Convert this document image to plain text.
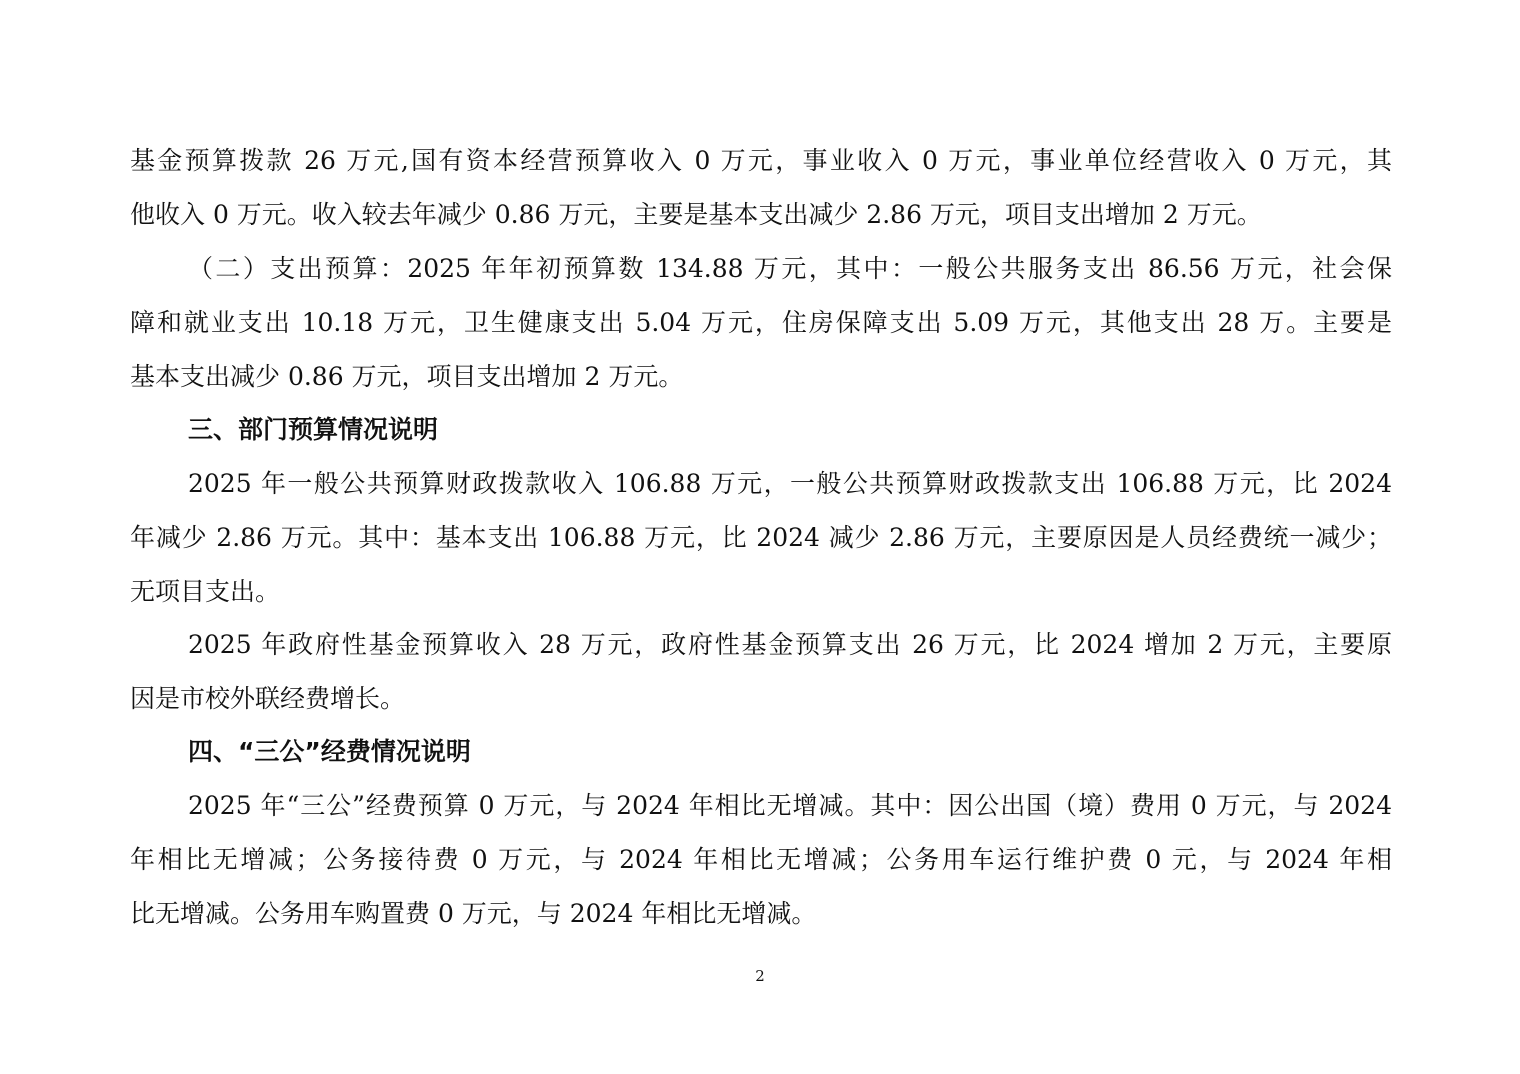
基金预算拨款 26 万元,国有资本经营预算收入 0 万元，事业收入 0 万元，事业单位经营收入 0 万元，其
他收入 0 万元。收入较去年减少 0.86 万元，主要是基本支出减少 2.86 万元，项目支出增加 2 万元。
（二）支出预算：2025 年年初预算数 134.88 万元，其中：一般公共服务支出 86.56 万元，社会保
障和就业支出 10.18 万元，卫生健康支出 5.04 万元，住房保障支出 5.09 万元，其他支出 28 万。主要是
基本支出减少 0.86 万元，项目支出增加 2 万元。
三、部门预算情况说明
2025 年一般公共预算财政拨款收入 106.88 万元，一般公共预算财政拨款支出 106.88 万元，比 2024
年减少 2.86 万元。其中：基本支出 106.88 万元，比 2024 减少 2.86 万元，主要原因是人员经费统一减少；
无项目支出。
2025 年政府性基金预算收入 28 万元，政府性基金预算支出 26 万元，比 2024 增加 2 万元，主要原
因是市校外联经费增长。
四、“三公”经费情况说明
2025 年“三公”经费预算 0 万元，与 2024 年相比无增减。其中：因公出国（境）费用 0 万元，与 2024
年相比无增减；公务接待费 0 万元，与 2024 年相比无增减；公务用车运行维护费 0 元，与 2024 年相
比无增减。公务用车购置费 0 万元，与 2024 年相比无增减。
2
